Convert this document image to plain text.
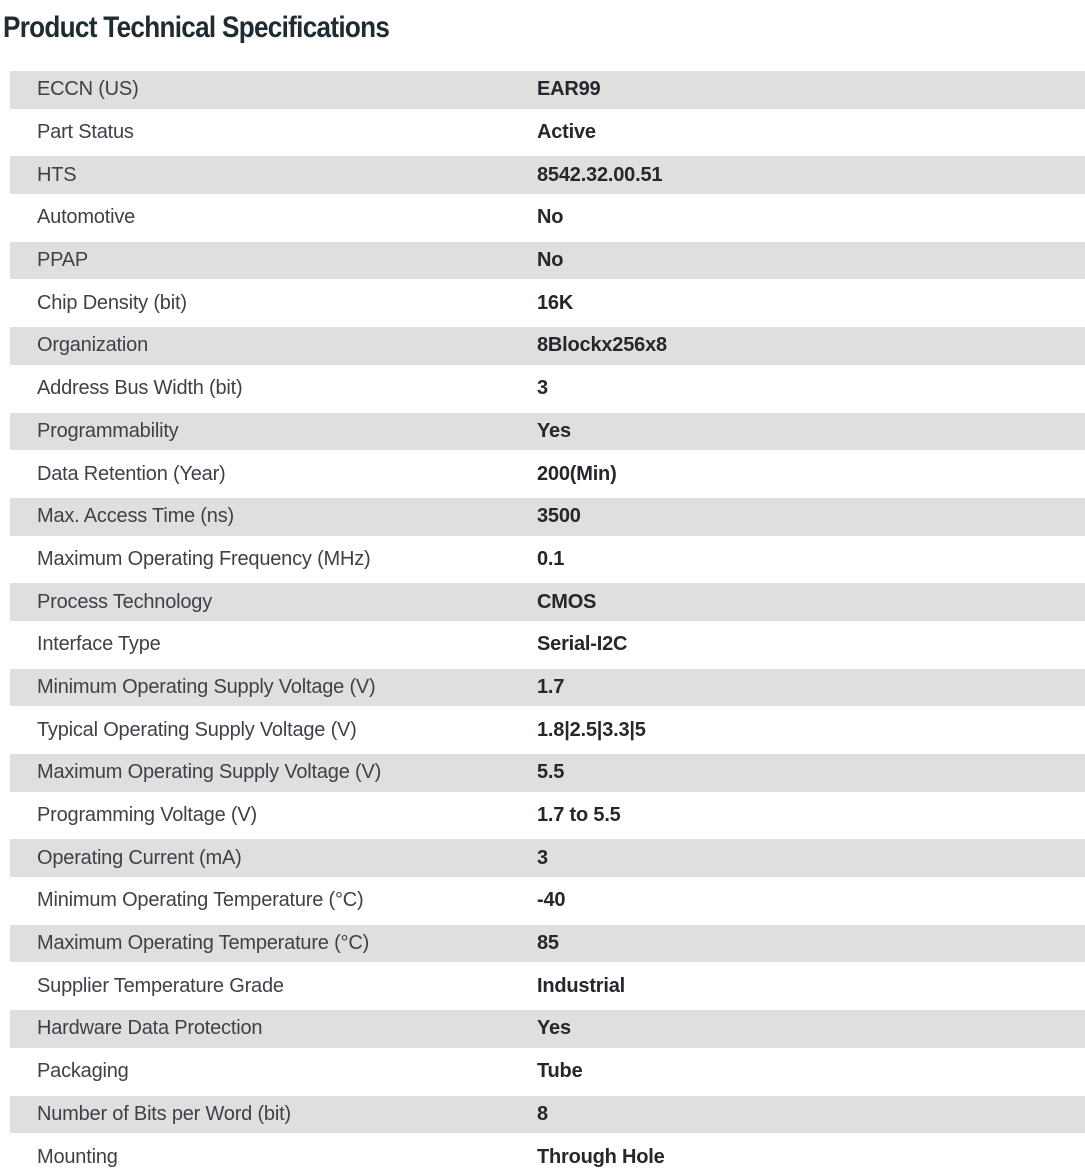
Product Technical Specifications
ECCN (US)	EAR99
Part Status	Active
HTS	8542.32.00.51
Automotive	No
PPAP	No
Chip Density (bit)	16K
Organization	8Blockx256x8
Address Bus Width (bit)	3
Programmability	Yes
Data Retention (Year)	200(Min)
Max. Access Time (ns)	3500
Maximum Operating Frequency (MHz)	0.1
Process Technology	CMOS
Interface Type	Serial-I2C
Minimum Operating Supply Voltage (V)	1.7
Typical Operating Supply Voltage (V)	1.8|2.5|3.3|5
Maximum Operating Supply Voltage (V)	5.5
Programming Voltage (V)	1.7 to 5.5
Operating Current (mA)	3
Minimum Operating Temperature (°C)	-40
Maximum Operating Temperature (°C)	85
Supplier Temperature Grade	Industrial
Hardware Data Protection	Yes
Packaging	Tube
Number of Bits per Word (bit)	8
Mounting	Through Hole
